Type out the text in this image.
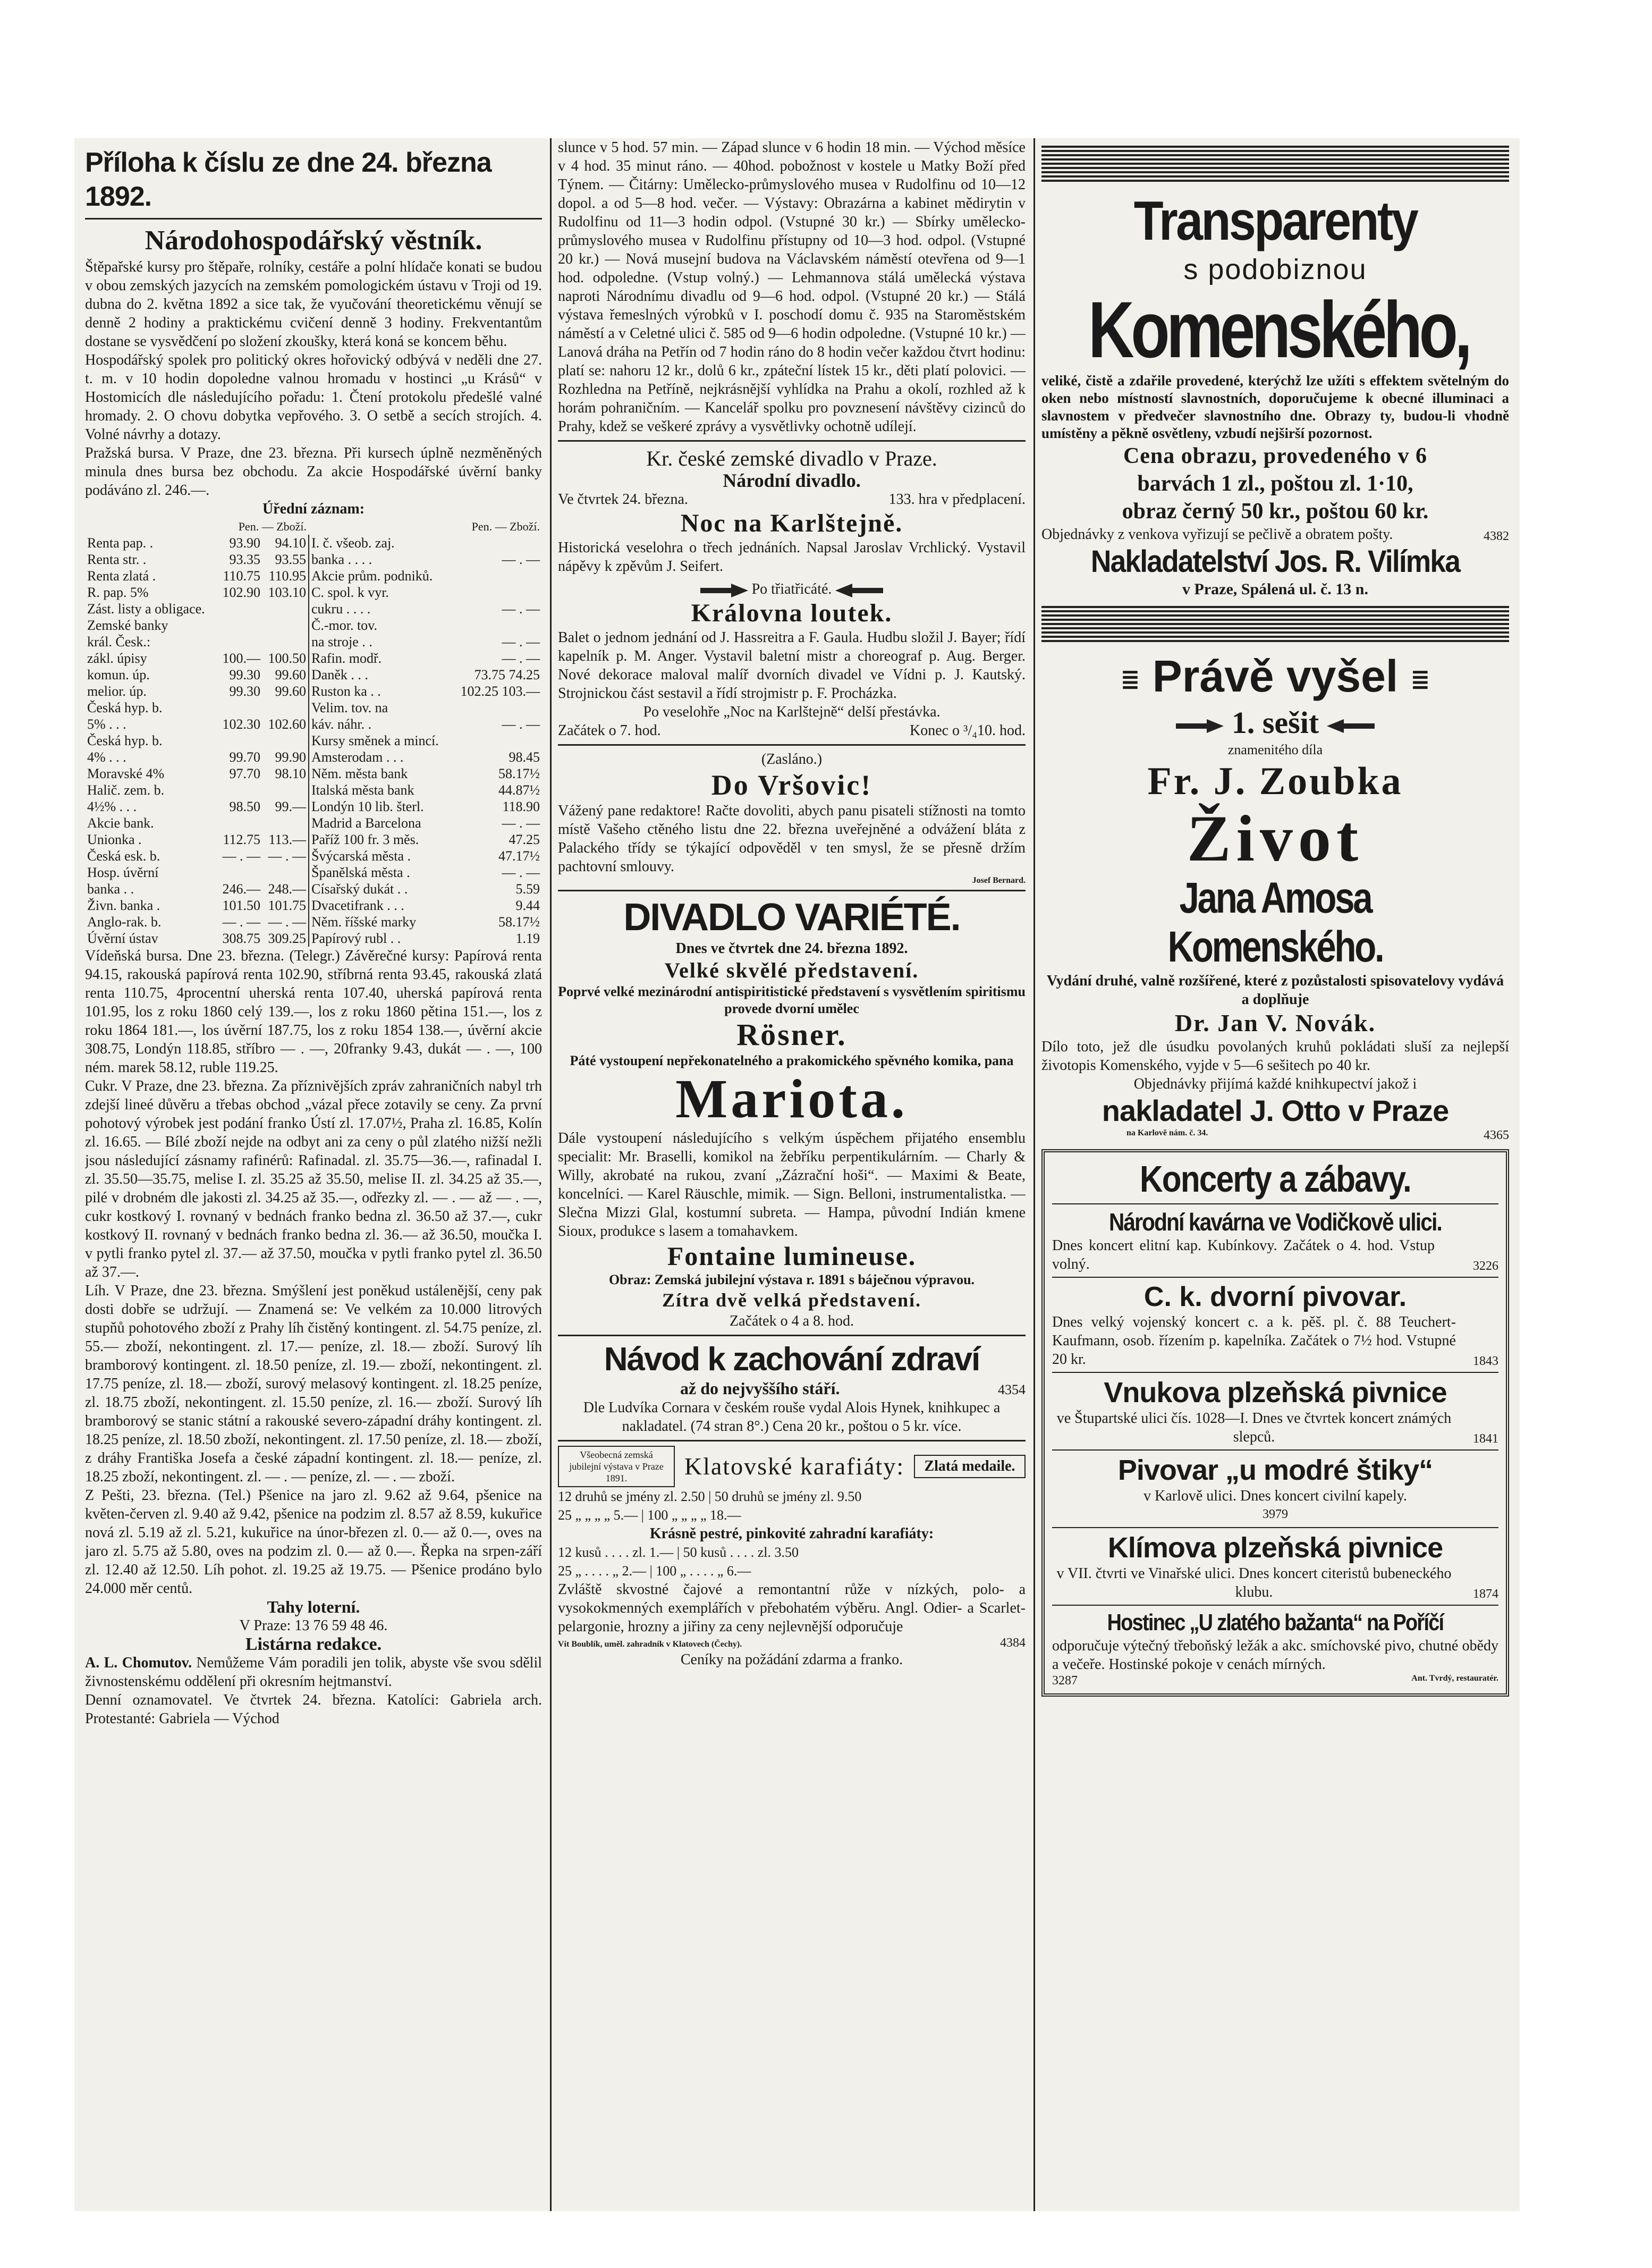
Příloha k číslu ze dne 24. března 1892.
Národohospodářský věstník.

Štěpařské kursy pro štěpaře, rolníky, cestáře a polní hlídače konati se budou v obou zemských jazycích na zemském pomologickém ústavu v Troji od 19. dubna do 2. května 1892 a sice tak, že vyučování theoretickému věnují se denně 2 hodiny a praktickému cvičení denně 3 hodiny. Frekventantům dostane se vysvědčení po složení zkoušky, která koná se koncem běhu.

Hospodářský spolek pro politický okres hořovický odbývá v neděli dne 27. t. m. v 10 hodin dopoledne valnou hromadu v hostinci „u Krásů“ v Hostomicích dle následujícího pořadu: 1. Čtení protokolu předešlé valné hromady. 2. O chovu dobytka vepřového. 3. O setbě a secích strojích. 4. Volné návrhy a dotazy.

Pražská bursa. V Praze, dne 23. března. Při kursech úplně nezměněných minula dnes bursa bez obchodu. Za akcie Hospodářské úvěrní banky podáváno zl. 246.—.

Úřední záznam:
	Pen. — Zboží.			Pen. — Zboží.
Renta pap. .	93.90	94.10	I. č. všeob. zaj.	
Renta str. .	93.35	93.55	banka . . . .	— . —
Renta zlatá .	110.75	110.95	Akcie prům. podniků.	
R. pap. 5%	102.90	103.10	C. spol. k vyr.	
Zást. listy a obligace.			cukru . . . .	— . —
Zemské banky			Č.-mor. tov.	
král. Česk.:			na stroje . .	— . —
zákl. úpisy	100.—	100.50	Rafin. modř.	— . —
komun. úp.	99.30	99.60	Daněk . . .	73.75 74.25
melior. úp.	99.30	99.60	Ruston ka . .	102.25 103.—
Česká hyp. b.			Velim. tov. na	
5% . . .	102.30	102.60	káv. náhr. .	— . —
Česká hyp. b.			Kursy směnek a mincí.	
4% . . .	99.70	99.90	Amsterodam . . .	98.45
Moravské 4%	97.70	98.10	Něm. města bank	58.17½
Halič. zem. b.			Italská města bank	44.87½
4½% . . .	98.50	99.—	Londýn 10 lib. šterl.	118.90
Akcie bank.			Madrid a Barcelona	— . —
Unionka .	112.75	113.—	Paříž 100 fr. 3 měs.	47.25
Česká esk. b.	— . —	— . —	Švýcarská města .	47.17½
Hosp. úvěrní			Španělská města .	— . —
banka . .	246.—	248.—	Císařský dukát . .	5.59
Živn. banka .	101.50	101.75	Dvacetifrank . . .	9.44
Anglo-rak. b.	— . —	— . —	Něm. říšské marky	58.17½
Úvěrní ústav	308.75	309.25	Papírový rubl . .	1.19

Vídeňská bursa. Dne 23. března. (Telegr.) Závěrečné kursy: Papírová renta 94.15, rakouská papírová renta 102.90, stříbrná renta 93.45, rakouská zlatá renta 110.75, 4procentní uherská renta 107.40, uherská papírová renta 101.95, los z roku 1860 celý 139.—, los z roku 1860 pětina 151.—, los z roku 1864 181.—, los úvěrní 187.75, los z roku 1854 138.—, úvěrní akcie 308.75, Londýn 118.85, stříbro — . —, 20franky 9.43, dukát — . —, 100 ném. marek 58.12, ruble 119.25.

Cukr. V Praze, dne 23. března. Za příznivějších zpráv zahraničních nabyl trh zdejší lineé důvěru a třebas obchod „vázal přece zotavily se ceny. Za první pohotový výrobek jest podání franko Ústí zl. 17.07½, Praha zl. 16.85, Kolín zl. 16.65. — Bílé zboží nejde na odbyt ani za ceny o půl zlatého nižší nežli jsou následující zásnamy rafinérů: Rafinadal. zl. 35.75—36.—, rafinadal I. zl. 35.50—35.75, melise I. zl. 35.25 až 35.50, melise II. zl. 34.25 až 35.—, pilé v drobném dle jakosti zl. 34.25 až 35.—, odřezky zl. — . — až — . —, cukr kostkový I. rovnaný v bednách franko bedna zl. 36.50 až 37.—, cukr kostkový II. rovnaný v bednách franko bedna zl. 36.— až 36.50, moučka I. v pytli franko pytel zl. 37.— až 37.50, moučka v pytli franko pytel zl. 36.50 až 37.—.

Líh. V Praze, dne 23. března. Smýšlení jest poněkud ustálenější, ceny pak dosti dobře se udržují. — Znamená se: Ve velkém za 10.000 litrových stupňů pohotového zboží z Prahy líh čistěný kontingent. zl. 54.75 peníze, zl. 55.— zboží, nekontingent. zl. 17.— peníze, zl. 18.— zboží. Surový líh bramborový kontingent. zl. 18.50 peníze, zl. 19.— zboží, nekontingent. zl. 17.75 peníze, zl. 18.— zboží, surový melasový kontingent. zl. 18.25 peníze, zl. 18.75 zboží, nekontingent. zl. 15.50 peníze, zl. 16.— zboží. Surový líh bramborový se stanic státní a rakouské severo-západní dráhy kontingent. zl. 18.25 peníze, zl. 18.50 zboží, nekontingent. zl. 17.50 peníze, zl. 18.— zboží, z dráhy Františka Josefa a české západní kontingent. zl. 18.— peníze, zl. 18.25 zboží, nekontingent. zl. — . — peníze, zl. — . — zboží.

Z Pešti, 23. března. (Tel.) Pšenice na jaro zl. 9.62 až 9.64, pšenice na květen-červen zl. 9.40 až 9.42, pšenice na podzim zl. 8.57 až 8.59, kukuřice nová zl. 5.19 až zl. 5.21, kukuřice na únor-březen zl. 0.— až 0.—, oves na jaro zl. 5.75 až 5.80, oves na podzim zl. 0.— až 0.—. Řepka na srpen-září zl. 12.40 až 12.50. Líh pohot. zl. 19.25 až 19.75. — Pšenice prodáno bylo 24.000 měr centů.

Tahy loterní.
V Praze: 13 76 59 48 46.
Listárna redakce.

A. L. Chomutov. Nemůžeme Vám poradili jen tolik, abyste vše svou sdělil živnostenskému oddělení při okresním hejtmanství.

Denní oznamovatel. Ve čtvrtek 24. března. Katolíci: Gabriela arch. Protestanté: Gabriela — Východ

slunce v 5 hod. 57 min. — Západ slunce v 6 hodin 18 min. — Východ měsíce v 4 hod. 35 minut ráno. — 40hod. pobožnost v kostele u Matky Boží před Týnem. — Čitárny: Umělecko-průmyslového musea v Rudolfinu od 10—12 dopol. a od 5—8 hod. večer. — Výstavy: Obrazárna a kabinet mědirytin v Rudolfinu od 11—3 hodin odpol. (Vstupné 30 kr.) — Sbírky umělecko-průmyslového musea v Rudolfinu přístupny od 10—3 hod. odpol. (Vstupné 20 kr.) — Nová musejní budova na Václavském náměstí otevřena od 9—1 hod. odpoledne. (Vstup volný.) — Lehmannova stálá umělecká výstava naproti Národnímu divadlu od 9—6 hod. odpol. (Vstupné 20 kr.) — Stálá výstava řemeslných výrobků v I. poschodí domu č. 935 na Staroměstském náměstí a v Celetné ulici č. 585 od 9—6 hodin odpoledne. (Vstupné 10 kr.) — Lanová dráha na Petřín od 7 hodin ráno do 8 hodin večer každou čtvrt hodinu: platí se: nahoru 12 kr., dolů 6 kr., zpáteční lístek 15 kr., děti platí polovici. — Rozhledna na Petříně, nejkrásnější vyhlídka na Prahu a okolí, rozhled až k horám pohraničním. — Kancelář spolku pro povznesení návštěvy cizinců do Prahy, kdež se veškeré zprávy a vysvětlivky ochotně udílejí.

Kr. české zemské divadlo v Praze.
Národní divadlo.
Ve čtvrtek 24. března.	133. hra v předplacení.
Noc na Karlštejně.

Historická veselohra o třech jednáních. Napsal Jaroslav Vrchlický. Vystavil nápěvy k zpěvům J. Seifert.

Po třiatřicáté.
Královna loutek.

Balet o jednom jednání od J. Hassreitra a F. Gaula. Hudbu složil J. Bayer; řídí kapelník p. M. Anger. Vystavil baletní mistr a choreograf p. Aug. Berger. Nové dekorace maloval malíř dvorních divadel ve Vídni p. J. Kautský. Strojnickou část sestavil a řídí strojmistr p. F. Procházka.

Po veselohře „Noc na Karlštejně“ delší přestávka.
Začátek o 7. hod.	Konec o ³/₄10. hod.
(Zasláno.)
Do Vršovic!

Vážený pane redaktore! Račte dovoliti, abych panu pisateli stížnosti na tomto místě Vašeho ctěného listu dne 22. března uveřejněné a odvážení bláta z Palackého třídy se týkající odpověděl v ten smysl, že se přesně držím pachtovní smlouvy.

Josef Bernard.
DIVADLO VARIÉTÉ.
Dnes ve čtvrtek dne 24. března 1892.
Velké skvělé představení.

Poprvé velké mezinárodní antispiritistické představení s vysvětlením spiritismu provede dvorní umělec

Rösner.

Páté vystoupení nepřekonatelného a prakomického spěvného komika, pana

Mariota.

Dále vystoupení následujícího s velkým úspěchem přijatého ensemblu specialit: Mr. Braselli, komikol na žebříku perpentikulárním. — Charly & Willy, akrobaté na rukou, zvaní „Zázrační hoši“. — Maximi & Beate, koncelníci. — Karel Räuschle, mimik. — Sign. Belloni, instrumentalistka. — Slečna Mizzi Glal, kostumní subreta. — Hampa, původní Indián kmene Sioux, produkce s lasem a tomahavkem.

Fontaine lumineuse.
Obraz: Zemská jubilejní výstava r. 1891 s báječnou výpravou.
Zítra dvě velká představení.
Začátek o 4 a 8. hod.
Návod k zachování zdraví
až do nejvyššího stáří.	4354

Dle Ludvíka Cornara v českém rouše vydal Alois Hynek, knihkupec a nakladatel. (74 stran 8°.) Cena 20 kr., poštou o 5 kr. více.

Všeobecná zemská jubilejní výstava v Praze 1891.	Klatovské karafiáty:	Zlatá medaile.
12 druhů se jmény zl. 2.50 | 50 druhů se jmény zl. 9.50
25 „ „ „ „ 5.— | 100 „ „ „ „ 18.—
Krásně pestré, pinkovité zahradní karafiáty:
12 kusů . . . . zl. 1.— | 50 kusů . . . . zl. 3.50
25 „ . . . . „ 2.— | 100 „ . . . . „ 6.—

Zvláště skvostné čajové a remontantní růže v nízkých, polo- a vysokokmenných exemplářích v přebohatém výběru. Angl. Odier- a Scarlet-pelargonie, hrozny a jiřiny za ceny nejlevnější odporučuje

Vít Boublík, uměl. zahradník v Klatovech (Čechy).	4384
Ceníky na požádání zdarma a franko.
Transparenty
s podobiznou
Komenského,

veliké, čistě a zdařile provedené, kterýchž lze užíti s effektem světelným do oken nebo místností slavnostních, doporučujeme k obecné illuminaci a slavnostem v předvečer slavnostního dne. Obrazy ty, budou-li vhodně umístěny a pěkně osvětleny, vzbudí nejširší pozornost.

Cena obrazu, provedeného v 6
barvách 1 zl., poštou zl. 1·10,
obraz černý 50 kr., poštou 60 kr.

Objednávky z venkova vyřizují se pečlivě a obratem pošty.	4382
Nakladatelství Jos. R. Vilímka
v Praze, Spálená ul. č. 13 n.
≣ Právě vyšel ≣
1. sešit
znamenitého díla
Fr. J. Zoubka
Život
Jana Amosa Komenského.

Vydání druhé, valně rozšířené, které z pozůstalosti spisovatelovy vydává a doplňuje

Dr. Jan V. Novák.

Dílo toto, jež dle úsudku povolaných kruhů pokládati sluší za nejlepší životopis Komenského, vyjde v 5—6 sešitech po 40 kr.

Objednávky přijímá každé knihkupectví jakož i
nakladatel J. Otto v Praze
na Karlově nám. č. 34.	4365
Koncerty a zábavy.
Národní kavárna ve Vodičkově ulici.

Dnes koncert elitní kap. Kubínkovy. Začátek o 4. hod. Vstup volný.	3226
C. k. dvorní pivovar.

Dnes velký vojenský koncert c. a k. pěš. pl. č. 88 Teuchert-Kaufmann, osob. řízením p. kapelníka. Začátek o 7½ hod. Vstupné 20 kr.	1843
Vnukova plzeňská pivnice

ve Štupartské ulici čís. 1028—I. Dnes ve čtvrtek koncert známých slepců.	1841
Pivovar „u modré štiky“
v Karlově ulici. Dnes koncert civilní kapely.
3979
Klímova plzeňská pivnice

v VII. čtvrti ve Vinařské ulici. Dnes koncert citeristů bubeneckého klubu.	1874
Hostinec „U zlatého bažanta“ na Poříčí

odporučuje výtečný třeboňský ležák a akc. smíchovské pivo, chutné obědy a večeře. Hostinské pokoje v cenách mírných.

3287	Ant. Tvrdý, restauratér.
